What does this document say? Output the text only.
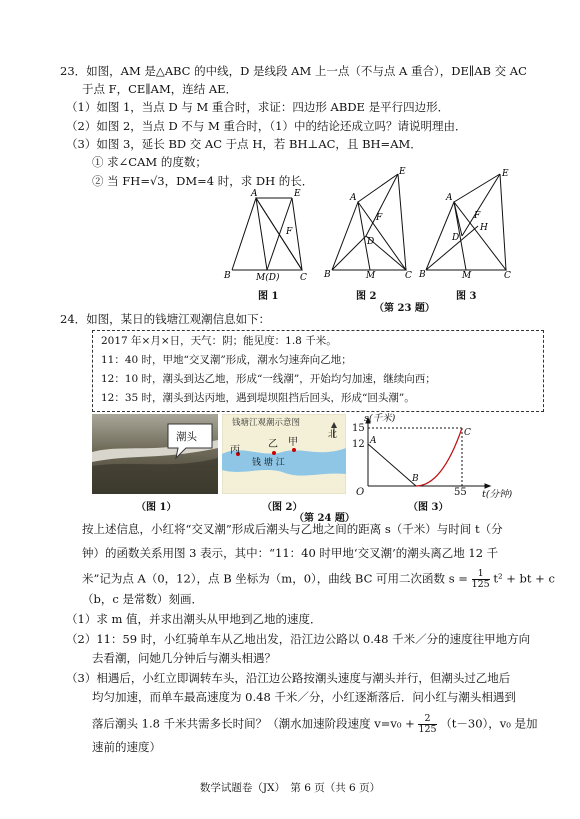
23．如图，AM 是△ABC 的中线，D 是线段 AM 上一点（不与点 A 重合），DE∥AB 交 AC
于点 F，CE∥AM，连结 AE．
（1）如图 1，当点 D 与 M 重合时，求证：四边形 ABDE 是平行四边形．
（2）如图 2，当点 D 不与 M 重合时，（1）中的结论还成立吗？请说明理由．
（3）如图 3，延长 BD 交 AC 于点 H，若 BH⊥AC，且 BH=AM．
① 求∠CAM 的度数；
② 当 FH=√3，DM=4 时，求 DH 的长．
B
A	E
F
M(D) C
图 1
B
A
E
F
D
M	C
图 2
（第 23 题）
B
A
E
F
H
D
M	C
图 3
24．如图，某日的钱塘江观潮信息如下：
2017 年×月×日，天气：阴；能见度：1.8 千米。
11：40 时，甲地“交叉潮”形成，潮水匀速奔向乙地；
12：10 时，潮头到达乙地，形成“一线潮”，开始均匀加速，继续向西；
12：35 时，潮头到达丙地，遇到堤坝阻挡后回头，形成“回头潮”。
潮头
钱塘江观潮示意图
北
丙
乙 甲
钱 塘 江
s(千米)
15
12 A
B
C
O	55 t(分钟)
（图 1）	（图 2）
（第 24 题）
（图 3）
按上述信息，小红将“交叉潮”形成后潮头与乙地之间的距离 s（千米）与时间 t（分
钟）的函数关系用图 3 表示，其中：“11：40 时甲地‘交叉潮’的潮头离乙地 12 千
米”记为点 A（0，12），点 B 坐标为（m，0），曲线 BC 可用二次函数 $s = \frac{1}{125} t^2$ + bt + c
（b，c 是常数）刻画．
（1）求 m 值，并求出潮头从甲地到乙地的速度．
（2）11：59 时，小红骑单车从乙地出发，沿江边公路以 0.48 千米／分的速度往甲地方向
去看潮，问她几分钟后与潮头相遇？
（3）相遇后，小红立即调转车头，沿江边公路按潮头速度与潮头并行，但潮头过乙地后
均匀加速，而单车最高速度为 0.48 千米／分，小红逐渐落后．问小红与潮头相遇到
落后潮头 1.8 千米共需多长时间？（潮水加速阶段速度 $v=v_0 + \frac{2}{125} (t-30)$，v₀ 是加
速前的速度）
数学试题卷（JX）　第 6 页（共 6 页）
